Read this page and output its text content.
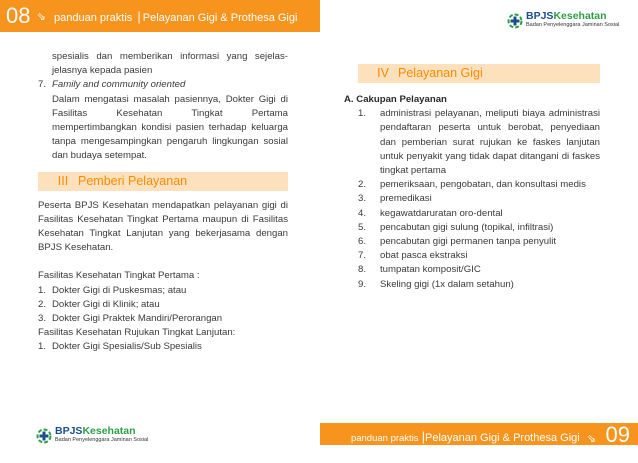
08 ⇘ panduan praktis | Pelayanan Gigi & Prothesa Gigi	BPJSKesehatan
Badan Penyelenggara Jaminan Sosial

spesialis dan memberikan informasi yang sejelas-jelasnya kepada pasien

7. Family and community oriented

Dalam mengatasi masalah pasiennya, Dokter Gigi di Fasilitas Kesehatan Tingkat Pertama mempertimbangkan kondisi pasien terhadap keluarga tanpa mengesampingkan pengaruh lingkungan sosial dan budaya setempat.

III Pemberi Pelayanan

Peserta BPJS Kesehatan mendapatkan pelayanan gigi di Fasilitas Kesehatan Tingkat Pertama maupun di Fasilitas Kesehatan Tingkat Lanjutan yang bekerjasama dengan BPJS Kesehatan.

Fasilitas Kesehatan Tingkat Pertama :

1. Dokter Gigi di Puskesmas; atau
2. Dokter Gigi di Klinik; atau
3. Dokter Gigi Praktek Mandiri/Perorangan

Fasilitas Kesehatan Rujukan Tingkat Lanjutan:

1. Dokter Gigi Spesialis/Sub Spesialis
IV Pelayanan Gigi

A. Cakupan Pelayanan

1.	administrasi pelayanan, meliputi biaya administrasi pendaftaran peserta untuk berobat, penyediaan dan pemberian surat rujukan ke faskes lanjutan untuk penyakit yang tidak dapat ditangani di faskes tingkat pertama
2.	pemeriksaan, pengobatan, dan konsultasi medis
3.	premedikasi
4.	kegawatdaruratan oro-dental
5.	pencabutan gigi sulung (topikal, infiltrasi)
6.	pencabutan gigi permanen tanpa penyulit
7.	obat pasca ekstraksi
8.	tumpatan komposit/GIC
9.	Skeling gigi (1x dalam setahun)
BPJSKesehatan
Badan Penyelenggara Jaminan Sosial	panduan praktis |Pelayanan Gigi & Prothesa Gigi ⇘ 09
